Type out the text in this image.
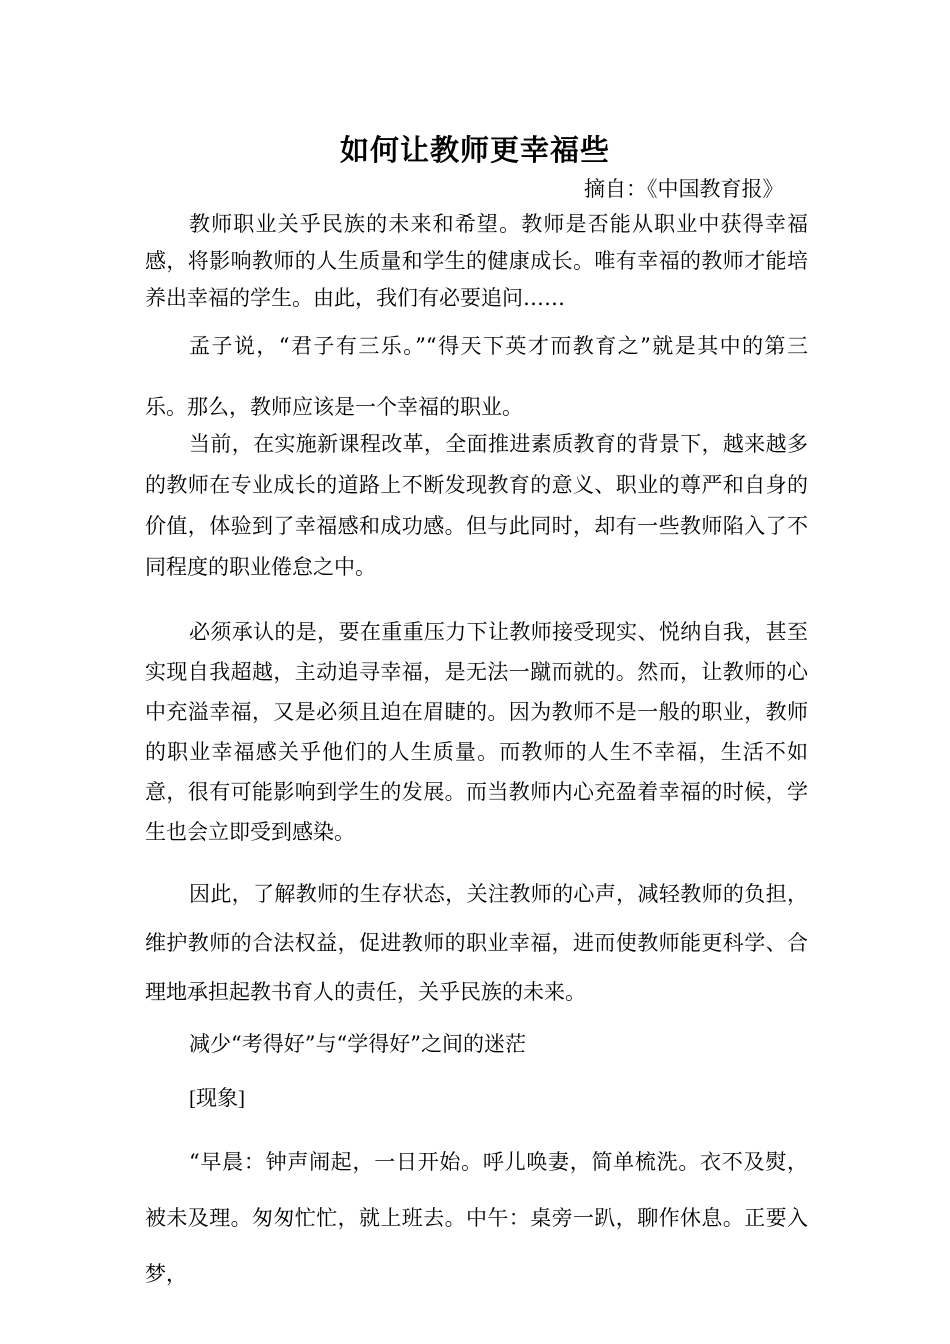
如何让教师更幸福些
摘自：《中国教育报》

教师职业关乎民族的未来和希望。教师是否能从职业中获得幸福感，将影响教师的人生质量和学生的健康成长。唯有幸福的教师才能培养出幸福的学生。由此，我们有必要追问……

孟子说，“君子有三乐。”“得天下英才而教育之”就是其中的第三乐。那么，教师应该是一个幸福的职业。

当前，在实施新课程改革，全面推进素质教育的背景下，越来越多的教师在专业成长的道路上不断发现教育的意义、职业的尊严和自身的价值，体验到了幸福感和成功感。但与此同时，却有一些教师陷入了不同程度的职业倦怠之中。

必须承认的是，要在重重压力下让教师接受现实、悦纳自我，甚至实现自我超越，主动追寻幸福，是无法一蹴而就的。然而，让教师的心中充溢幸福，又是必须且迫在眉睫的。因为教师不是一般的职业，教师的职业幸福感关乎他们的人生质量。而教师的人生不幸福，生活不如意，很有可能影响到学生的发展。而当教师内心充盈着幸福的时候，学生也会立即受到感染。

因此，了解教师的生存状态，关注教师的心声，减轻教师的负担，维护教师的合法权益，促进教师的职业幸福，进而使教师能更科学、合理地承担起教书育人的责任，关乎民族的未来。

减少“考得好”与“学得好”之间的迷茫

[现象]

“早晨：钟声闹起，一日开始。呼儿唤妻，简单梳洗。衣不及熨，被未及理。匆匆忙忙，就上班去。中午：桌旁一趴，聊作休息。正要入梦，
